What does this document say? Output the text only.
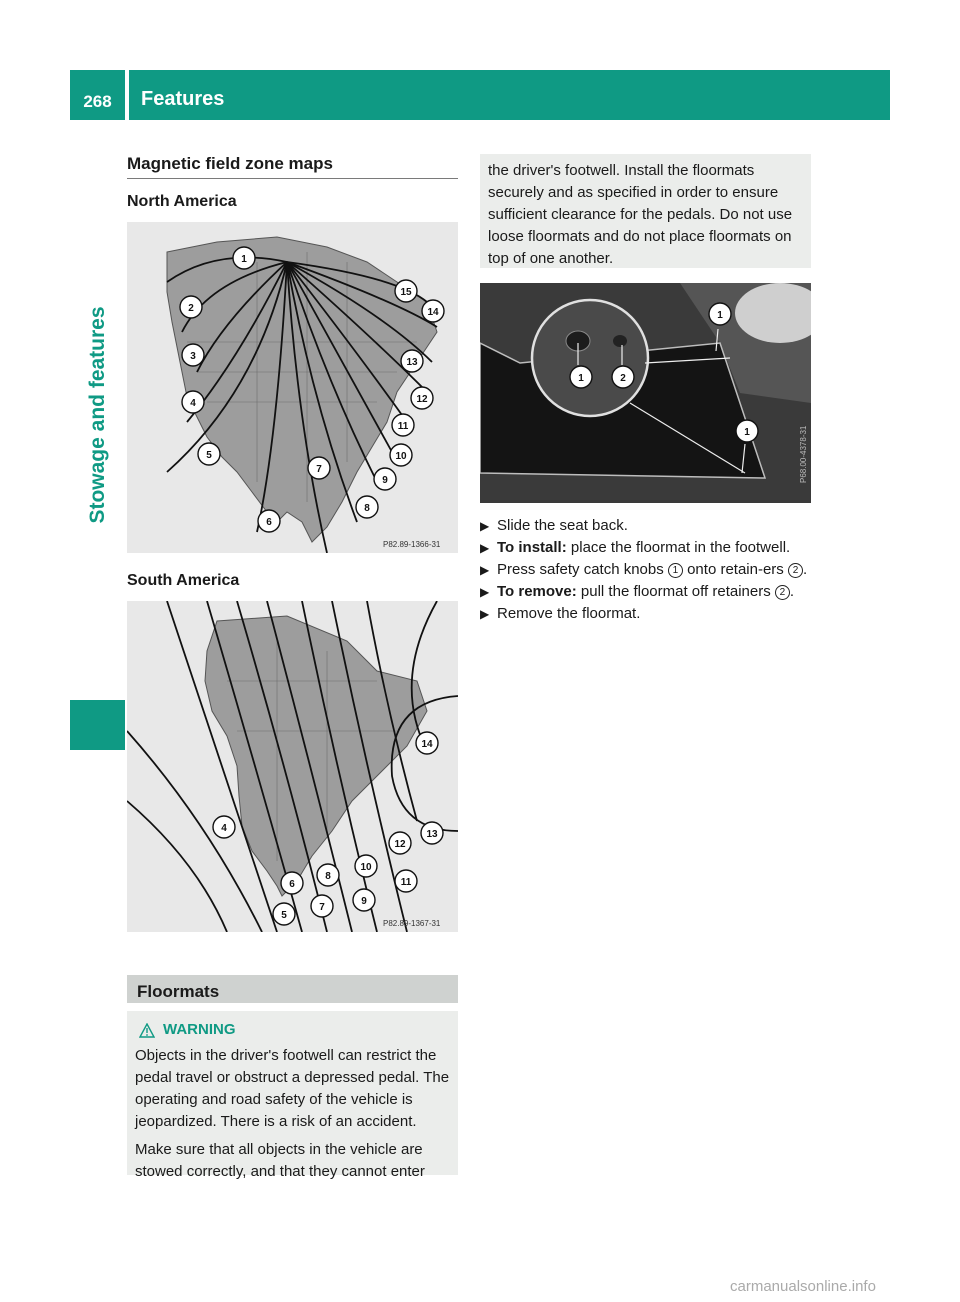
268	Features
Stowage and features
Magnetic field zone maps
North America
1
2
3
4
5
6
7
8
9
10
11
12
13
14
15
P82.89-1366-31
South America
4
5
6
7
8
9
10
11
12
13
14
P82.89-1367-31
Floormats
WARNING

Objects in the driver's footwell can restrict the pedal travel or obstruct a depressed pedal. The operating and road safety of the vehicle is jeopardized. There is a risk of an accident.

Make sure that all objects in the vehicle are stowed correctly, and that they cannot enter

the driver's footwell. Install the floormats securely and as specified in order to ensure sufficient clearance for the pedals. Do not use loose floormats and do not place floormats on top of one another.
1	2
1
1	P68.00-4378-31
▶ Slide the seat back.
▶ To install: place the floormat in the footwell.
▶ Press safety catch knobs 1 onto retain-ers 2 .
▶ To remove: pull the floormat off retainers 2 .
▶ Remove the floormat.
carmanualsonline.info
